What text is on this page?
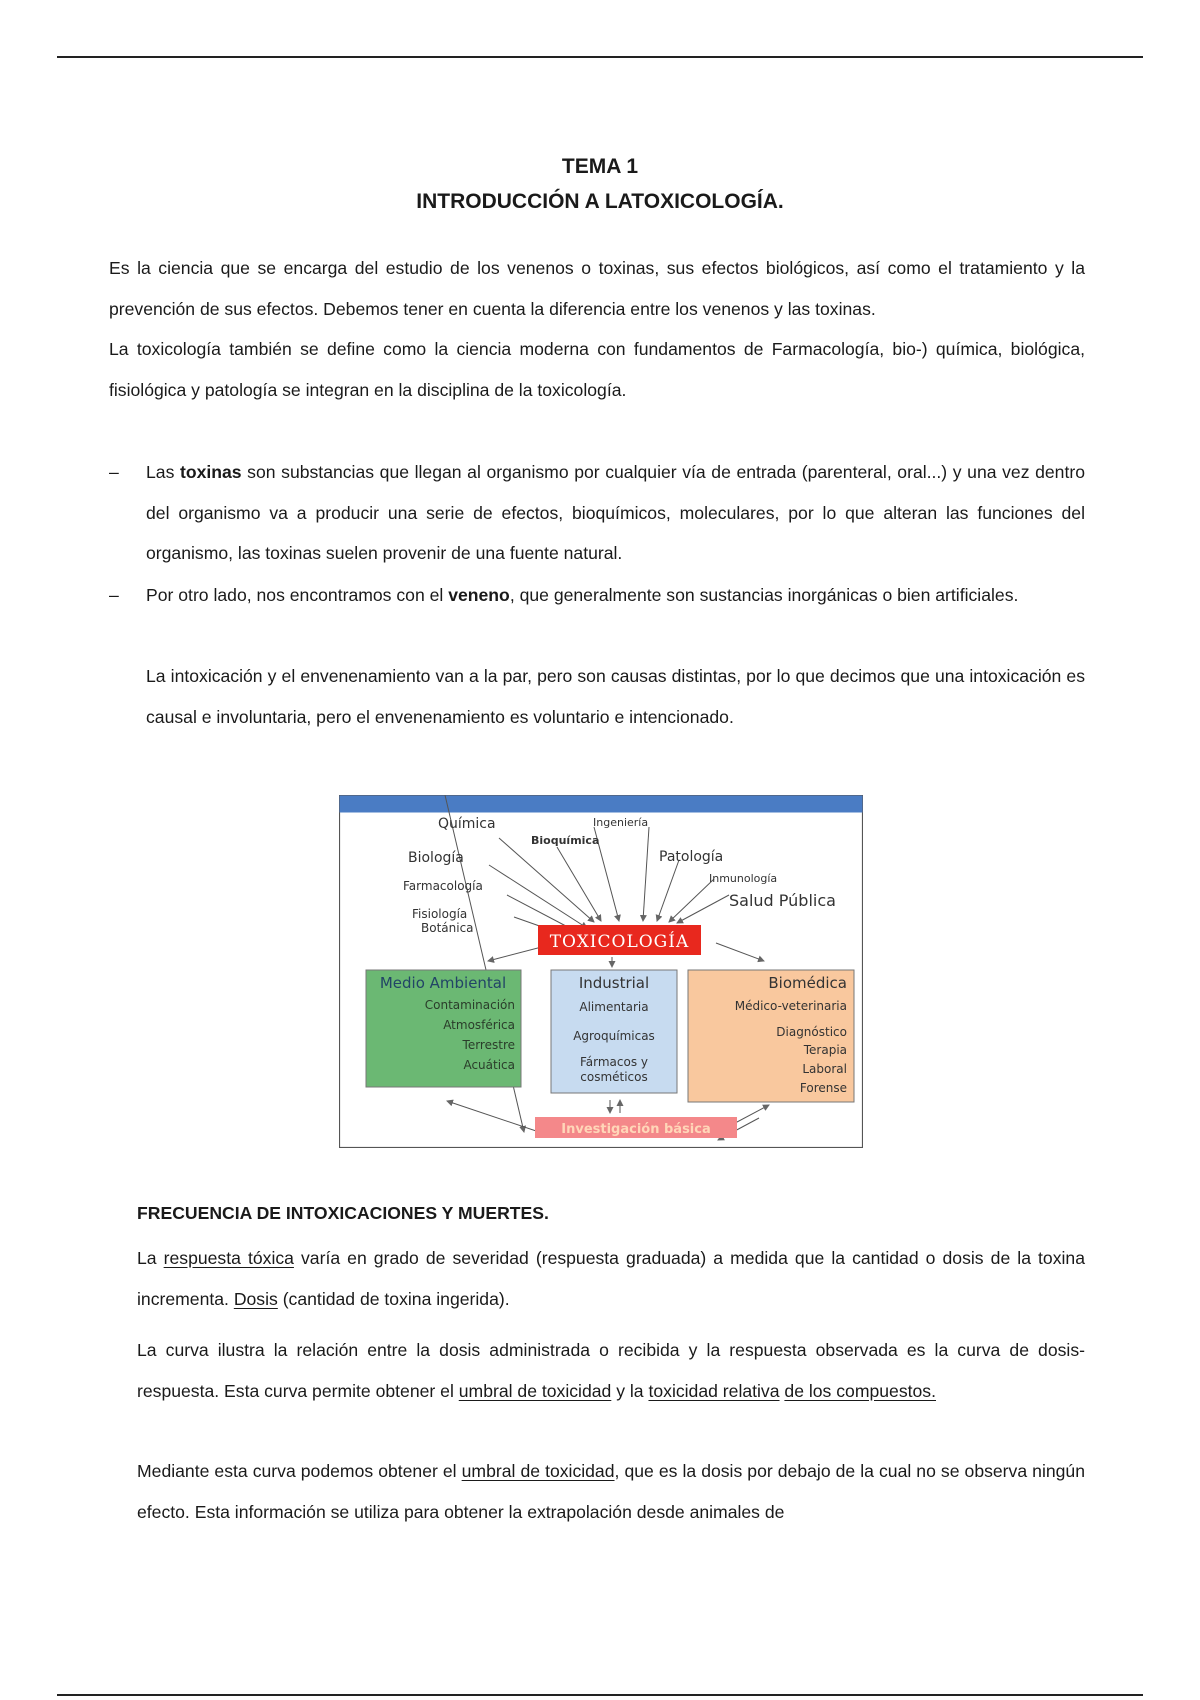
TEMA 1
INTRODUCCIÓN A LATOXICOLOGÍA.
Es la ciencia que se encarga del estudio de los venenos o toxinas, sus efectos biológicos, así como el tratamiento y la prevención de sus efectos. Debemos tener en cuenta la diferencia entre los venenos y las toxinas.
La toxicología también se define como la ciencia moderna con fundamentos de Farmacología, bio-) química, biológica, fisiológica y patología se integran en la disciplina de la toxicología.
– Las toxinas son substancias que llegan al organismo por cualquier vía de entrada (parenteral, oral...) y una vez dentro del organismo va a producir una serie de efectos, bioquímicos, moleculares, por lo que alteran las funciones del organismo, las toxinas suelen provenir de una fuente natural.
– Por otro lado, nos encontramos con el veneno, que generalmente son sustancias inorgánicas o bien artificiales.
La intoxicación y el envenenamiento van a la par, pero son causas distintas, por lo que decimos que una intoxicación es causal e involuntaria, pero el envenenamiento es voluntario e intencionado.
Química	Ingeniería
Bioquímica
Biología	Patología
Farmacología
Inmunología
Salud Pública
Fisiología
Botánica
TOXICOLOGÍA
Medio Ambiental
Contaminación
Atmosférica
Terrestre
Acuática
Industrial
Alimentaria
Agroquímicas
Fármacos y
cosméticos
Biomédica
Médico-veterinaria
Diagnóstico
Terapia
Laboral
Forense
Investigación básica
FRECUENCIA DE INTOXICACIONES Y MUERTES.
La respuesta tóxica varía en grado de severidad (respuesta graduada) a medida que la cantidad o dosis de la toxina incrementa. Dosis (cantidad de toxina ingerida).
La curva ilustra la relación entre la dosis administrada o recibida y la respuesta observada es la curva de dosis-respuesta. Esta curva permite obtener el umbral de toxicidad y la toxicidad relativa de los compuestos.
Mediante esta curva podemos obtener el umbral de toxicidad, que es la dosis por debajo de la cual no se observa ningún efecto. Esta información se utiliza para obtener la extrapolación desde animales de
